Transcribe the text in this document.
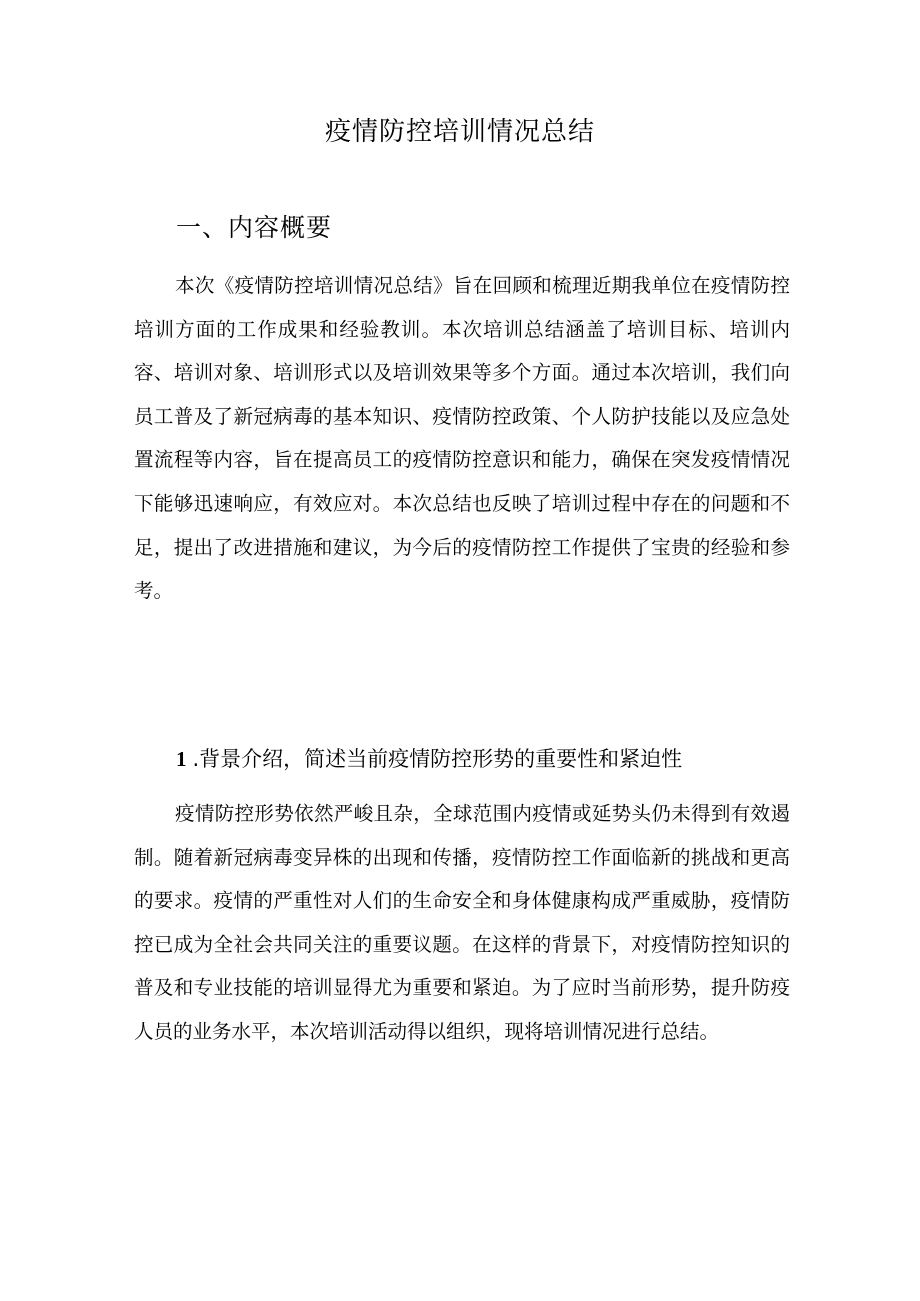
疫情防控培训情况总结
一、内容概要

本次《疫情防控培训情况总结》旨在回顾和梳理近期我单位在疫情防控培训方面的工作成果和经验教训。本次培训总结涵盖了培训目标、培训内容、培训对象、培训形式以及培训效果等多个方面。通过本次培训，我们向员工普及了新冠病毒的基本知识、疫情防控政策、个人防护技能以及应急处置流程等内容，旨在提高员工的疫情防控意识和能力，确保在突发疫情情况下能够迅速响应，有效应对。本次总结也反映了培训过程中存在的问题和不足，提出了改进措施和建议，为今后的疫情防控工作提供了宝贵的经验和参考。

1 .背景介绍，简述当前疫情防控形势的重要性和紧迫性

疫情防控形势依然严峻且杂，全球范围内疫情或延势头仍未得到有效遏制。随着新冠病毒变异株的出现和传播，疫情防控工作面临新的挑战和更高的要求。疫情的严重性对人们的生命安全和身体健康构成严重威胁，疫情防控已成为全社会共同关注的重要议题。在这样的背景下，对疫情防控知识的普及和专业技能的培训显得尤为重要和紧迫。为了应时当前形势，提升防疫人员的业务水平，本次培训活动得以组织，现将培训情况进行总结。
